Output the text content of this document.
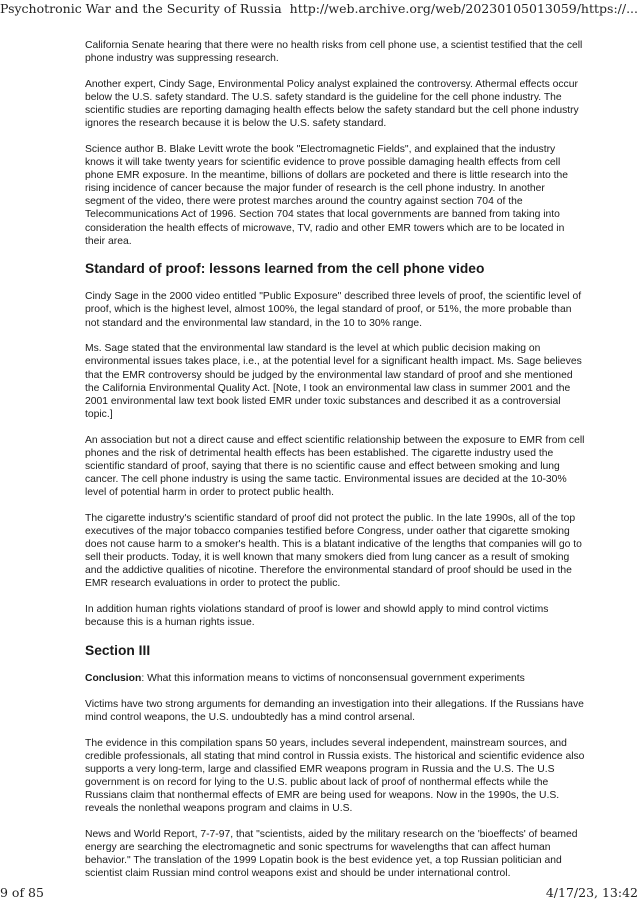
Psychotronic War and the Security of Russia http://web.archive.org/web/20230105013059/https://...

California Senate hearing that there were no health risks from cell phone use, a scientist testified that the cell phone industry was suppressing research.

Another expert, Cindy Sage, Environmental Policy analyst explained the controversy. Athermal effects occur below the U.S. safety standard. The U.S. safety standard is the guideline for the cell phone industry. The scientific studies are reporting damaging health effects below the safety standard but the cell phone industry ignores the research because it is below the U.S. safety standard.

Science author B. Blake Levitt wrote the book "Electromagnetic Fields", and explained that the industry knows it will take twenty years for scientific evidence to prove possible damaging health effects from cell phone EMR exposure. In the meantime, billions of dollars are pocketed and there is little research into the rising incidence of cancer because the major funder of research is the cell phone industry. In another segment of the video, there were protest marches around the country against section 704 of the Telecommunications Act of 1996. Section 704 states that local governments are banned from taking into consideration the health effects of microwave, TV, radio and other EMR towers which are to be located in their area.

Standard of proof: lessons learned from the cell phone video

Cindy Sage in the 2000 video entitled "Public Exposure" described three levels of proof, the scientific level of proof, which is the highest level, almost 100%, the legal standard of proof, or 51%, the more probable than not standard and the environmental law standard, in the 10 to 30% range.

Ms. Sage stated that the environmental law standard is the level at which public decision making on environmental issues takes place, i.e., at the potential level for a significant health impact. Ms. Sage believes that the EMR controversy should be judged by the environmental law standard of proof and she mentioned the California Environmental Quality Act. [Note, I took an environmental law class in summer 2001 and the 2001 environmental law text book listed EMR under toxic substances and described it as a controversial topic.]

An association but not a direct cause and effect scientific relationship between the exposure to EMR from cell phones and the risk of detrimental health effects has been established. The cigarette industry used the scientific standard of proof, saying that there is no scientific cause and effect between smoking and lung cancer. The cell phone industry is using the same tactic. Environmental issues are decided at the 10-30% level of potential harm in order to protect public health.

The cigarette industry's scientific standard of proof did not protect the public. In the late 1990s, all of the top executives of the major tobacco companies testified before Congress, under oather that cigarette smoking does not cause harm to a smoker's health. This is a blatant indicative of the lengths that companies will go to sell their products. Today, it is well known that many smokers died from lung cancer as a result of smoking and the addictive qualities of nicotine. Therefore the environmental standard of proof should be used in the EMR research evaluations in order to protect the public.

In addition human rights violations standard of proof is lower and showld apply to mind control victims because this is a human rights issue.

Section III

Conclusion: What this information means to victims of nonconsensual government experiments

Victims have two strong arguments for demanding an investigation into their allegations. If the Russians have mind control weapons, the U.S. undoubtedly has a mind control arsenal.

The evidence in this compilation spans 50 years, includes several independent, mainstream sources, and credible professionals, all stating that mind control in Russia exists. The historical and scientific evidence also supports a very long-term, large and classified EMR weapons program in Russia and the U.S. The U.S government is on record for lying to the U.S. public about lack of proof of nonthermal effects while the Russians claim that nonthermal effects of EMR are being used for weapons. Now in the 1990s, the U.S. reveals the nonlethal weapons program and claims in U.S.

News and World Report, 7-7-97, that "scientists, aided by the military research on the 'bioeffects' of beamed energy are searching the electromagnetic and sonic spectrums for wavelengths that can affect human behavior." The translation of the 1999 Lopatin book is the best evidence yet, a top Russian politician and scientist claim Russian mind control weapons exist and should be under international control.

9 of 85	4/17/23, 13:42
